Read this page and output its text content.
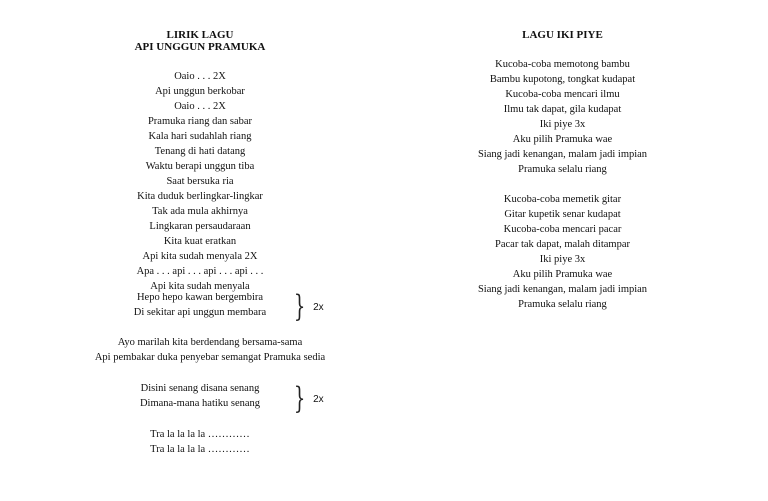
LIRIK LAGU
API UNGGUN PRAMUKA
Oaio . . . 2X
Api unggun berkobar
Oaio . . . 2X
Pramuka riang dan sabar
Kala hari sudahlah riang
Tenang di hati datang
Waktu berapi unggun tiba
Saat bersuka ria
Kita duduk berlingkar-lingkar
Tak ada mula akhirnya
Lingkaran persaudaraan
Kita kuat eratkan
Api kita sudah menyala 2X
Apa . . . api . . . api . . . api . . .
Api kita sudah menyala
Hepo hepo kawan bergembira
Di sekitar api unggun membara } 2x
Ayo marilah kita berdendang bersama-sama
Api pembakar duka penyebar semangat Pramuka sedia
Disini senang disana senang
Dimana-mana hatiku senang	} 2x
Tra la la la la …………
Tra la la la la …………
LAGU IKI PIYE
Kucoba-coba memotong bambu
Bambu kupotong, tongkat kudapat
Kucoba-coba mencari ilmu
Ilmu tak dapat, gila kudapat
Iki piye 3x
Aku pilih Pramuka wae
Siang jadi kenangan, malam jadi impian
Pramuka selalu riang
Kucoba-coba memetik gitar
Gitar kupetik senar kudapat
Kucoba-coba mencari pacar
Pacar tak dapat, malah ditampar
Iki piye 3x
Aku pilih Pramuka wae
Siang jadi kenangan, malam jadi impian
Pramuka selalu riang
